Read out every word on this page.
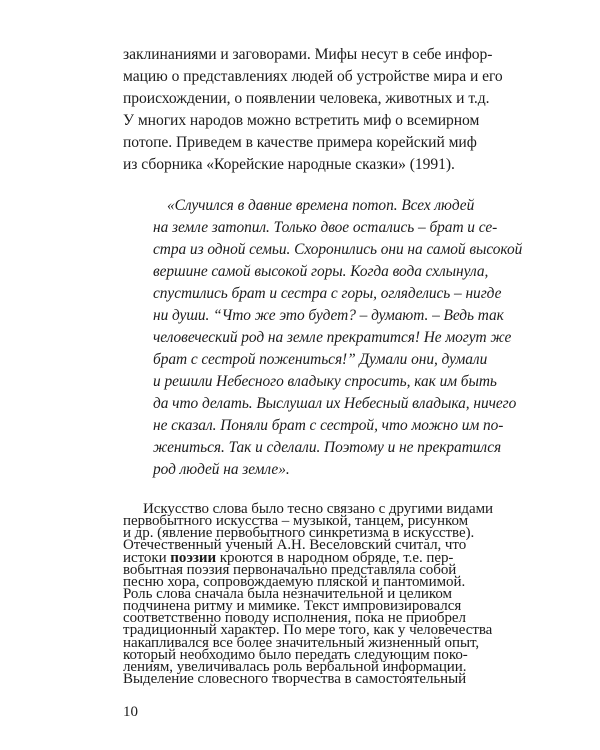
заклинаниями и заговорами. Мифы несут в себе инфор-
мацию о представлениях людей об устройстве мира и его
происхождении, о появлении человека, животных и т.д.
У многих народов можно встретить миф о всемирном
потопе. Приведем в качестве примера корейский миф
из сборника «Корейские народные сказки» (1991).
«Случился в давние времена потоп. Всех людей
на земле затопил. Только двое остались – брат и се-
стра из одной семьи. Схоронились они на самой высокой
вершине самой высокой горы. Когда вода схлынула,
спустились брат и сестра с горы, огляделись – нигде
ни души. “Что же это будет? – думают. – Ведь так
человеческий род на земле прекратится! Не могут же
брат с сестрой пожениться!” Думали они, думали
и решили Небесного владыку спросить, как им быть
да что делать. Выслушал их Небесный владыка, ничего
не сказал. Поняли брат с сестрой, что можно им по-
жениться. Так и сделали. Поэтому и не прекратился
род людей на земле».
Искусство слова было тесно связано с другими видами
первобытного искусства – музыкой, танцем, рисунком
и др. (явление первобытного синкретизма в искусстве).
Отечественный ученый А.Н. Веселовский считал, что
истоки поэзии кроются в народном обряде, т.е. пер-
вобытная поэзия первоначально представляла собой
песню хора, сопровождаемую пляской и пантомимой.
Роль слова сначала была незначительной и целиком
подчинена ритму и мимике. Текст импровизировался
соответственно поводу исполнения, пока не приобрел
традиционный характер. По мере того, как у человечества
накапливался все более значительный жизненный опыт,
который необходимо было передать следующим поко-
лениям, увеличивалась роль вербальной информации.
Выделение словесного творчества в самостоятельный
10
